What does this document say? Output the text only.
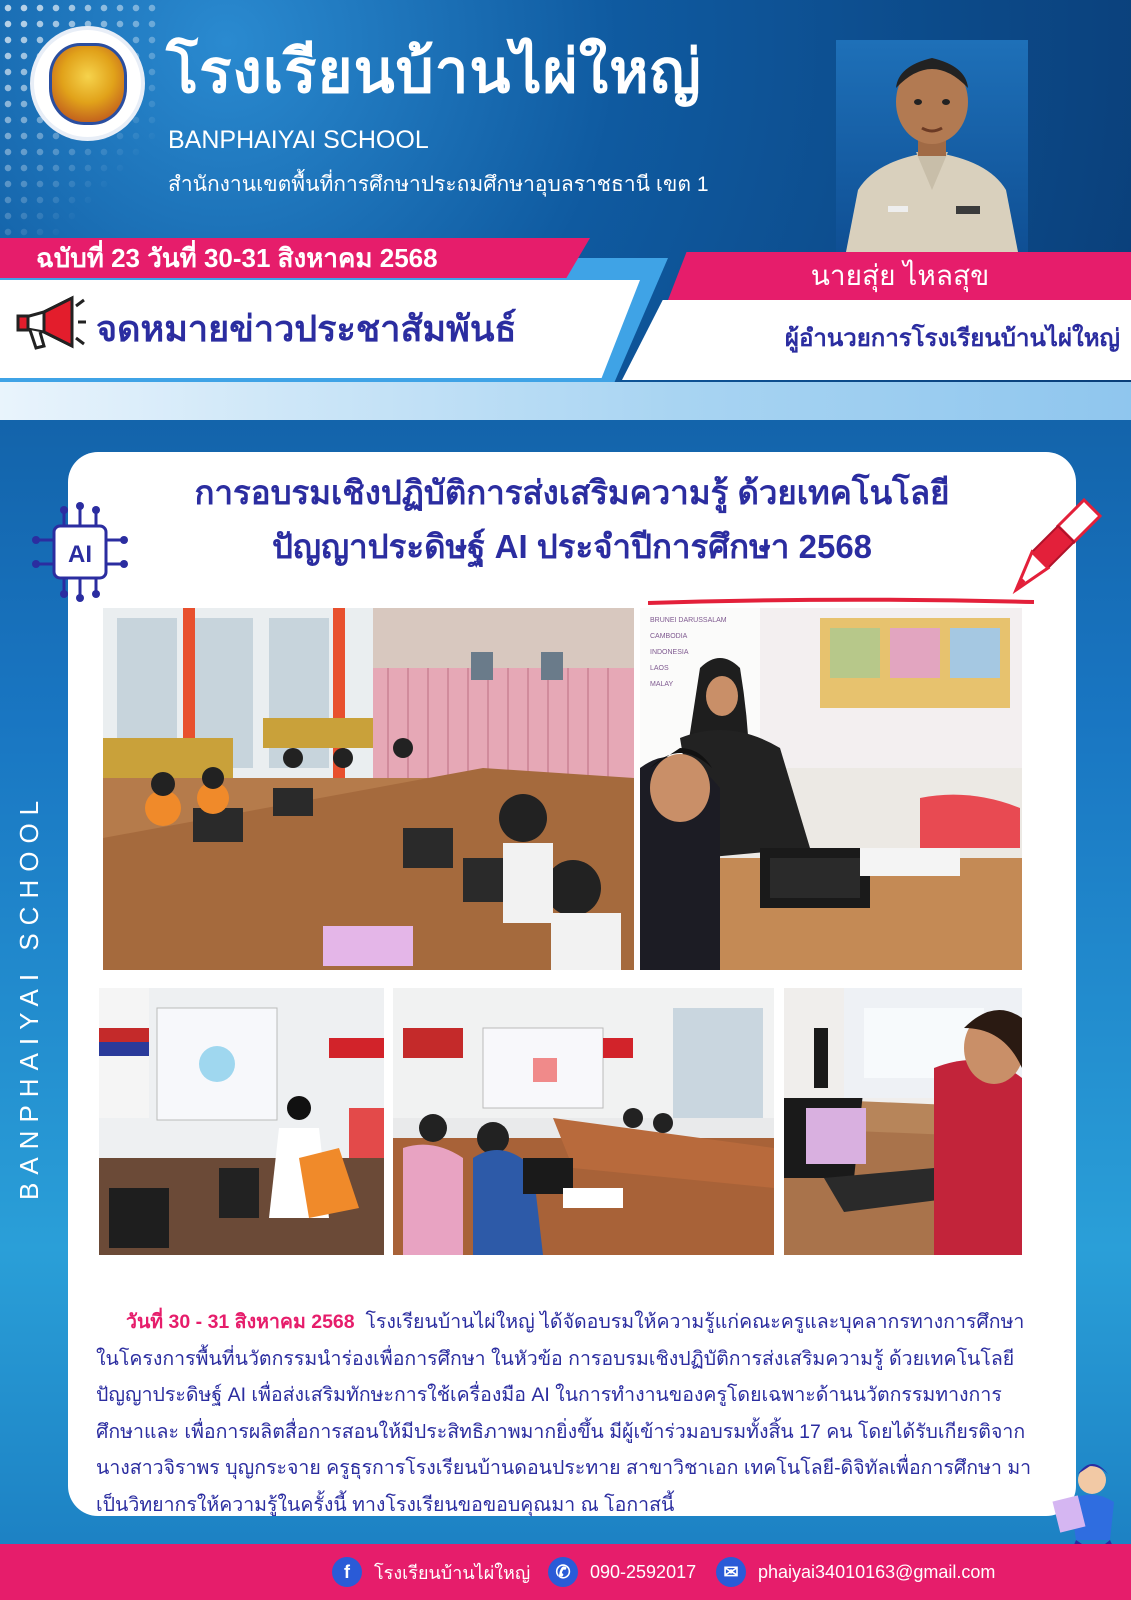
โรงเรียนบ้านไผ่ใหญ่
BANPHAIYAI SCHOOL
สำนักงานเขตพื้นที่การศึกษาประถมศึกษาอุบลราชธานี เขต 1
ฉบับที่ 23 วันที่ 30-31 สิงหาคม 2568
จดหมายข่าวประชาสัมพันธ์
นายสุ่ย ไหลสุข
ผู้อำนวยการโรงเรียนบ้านไผ่ใหญ่
BANPHAIYAI SCHOOL
AI
การอบรมเชิงปฏิบัติการส่งเสริมความรู้ ด้วยเทคโนโลยี
ปัญญาประดิษฐ์ AI ประจำปีการศึกษา 2568
BRUNEI DARUSSALAM
CAMBODIA
INDONESIA
LAOS
MALAY
วันที่ 30 - 31 สิงหาคม 2568 โรงเรียนบ้านไผ่ใหญ่ ได้จัดอบรมให้ความรู้แก่คณะครูและบุคลากรทางการศึกษา ในโครงการพื้นที่นวัตกรรมนำร่องเพื่อการศึกษา ในหัวข้อ การอบรมเชิงปฏิบัติการส่งเสริมความรู้ ด้วยเทคโนโลยีปัญญาประดิษฐ์ AI เพื่อส่งเสริมทักษะการใช้เครื่องมือ AI ในการทำงานของครูโดยเฉพาะด้านนวัตกรรมทางการศึกษาและ เพื่อการผลิตสื่อการสอนให้มีประสิทธิภาพมากยิ่งขึ้น มีผู้เข้าร่วมอบรมทั้งสิ้น 17 คน โดยได้รับเกียรติจากนางสาวจิราพร บุญกระจาย ครูธุรการโรงเรียนบ้านดอนประทาย สาขาวิชาเอก เทคโนโลยี-ดิจิทัลเพื่อการศึกษา มาเป็นวิทยากรให้ความรู้ในครั้งนี้ ทางโรงเรียนขอขอบคุณมา ณ โอกาสนี้
f	โรงเรียนบ้านไผ่ใหญ่	✆	090-2592017	✉	phaiyai34010163@gmail.com
